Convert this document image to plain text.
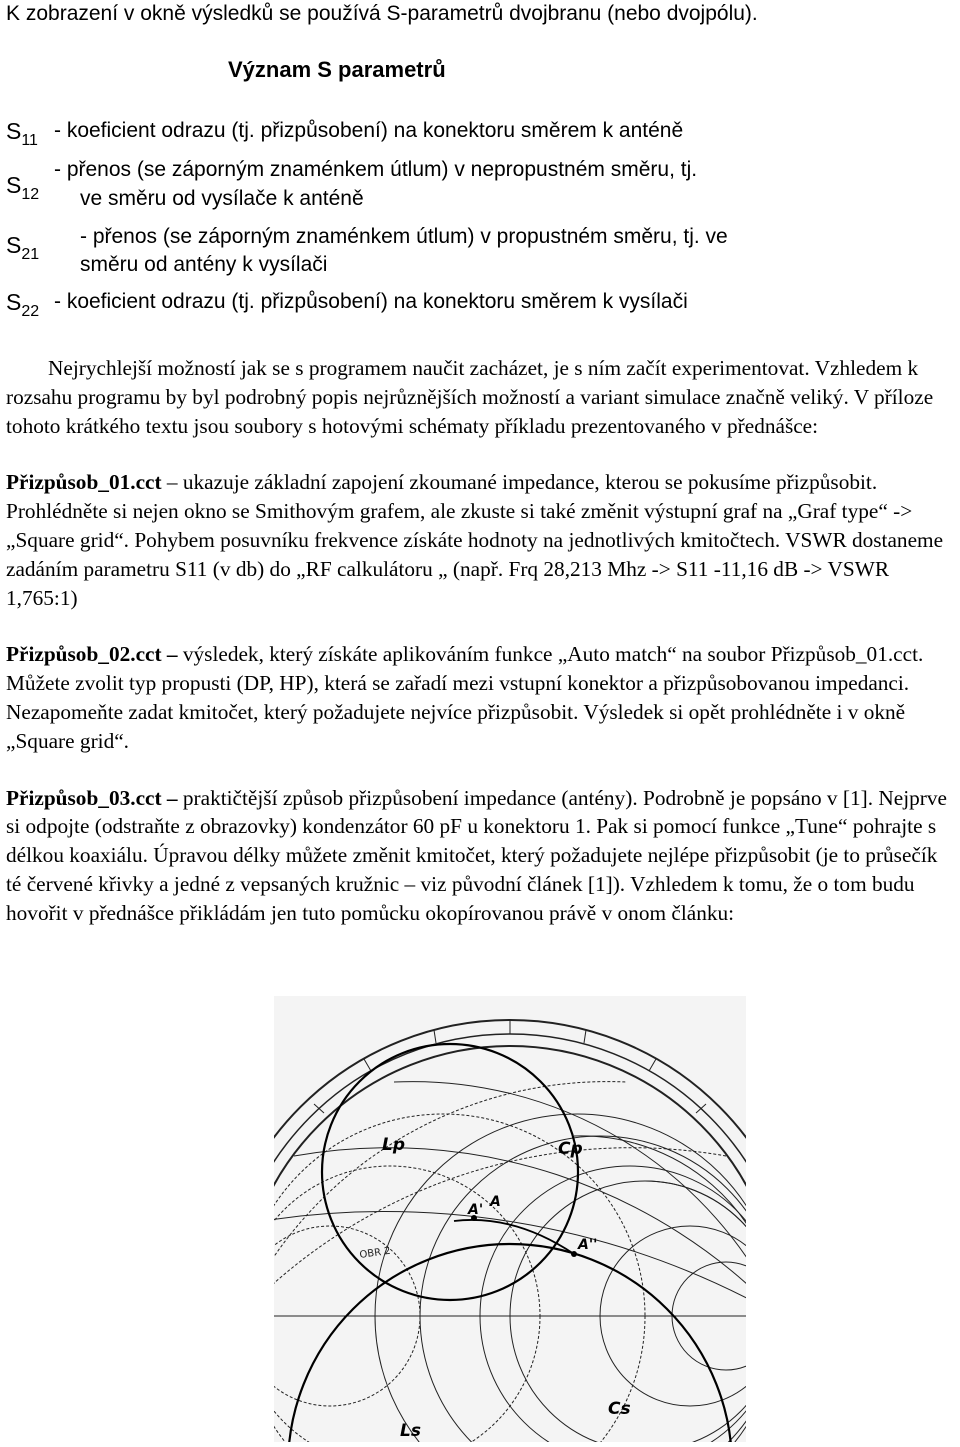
K zobrazení v okně výsledků se používá S-parametrů dvojbranu (nebo dvojpólu).
Význam S parametrů
$S_{11}$ - koeficient odrazu (tj. přizpůsobení) na konektoru směrem k anténě
$S_{12}$
- přenos (se záporným znaménkem útlum) v nepropustném směru, tj.
ve směru od vysílače k anténě
$S_{21}$
- přenos (se záporným znaménkem útlum) v propustném směru, tj. ve
směru od antény k vysílači
$S_{22}$ - koeficient odrazu (tj. přizpůsobení) na konektoru směrem k vysílači

Nejrychlejší možností jak se s programem naučit zacházet, je s ním začít experimentovat. Vzhledem k rozsahu programu by byl podrobný popis nejrůznějších možností a variant simulace značně veliký. V příloze tohoto krátkého textu jsou soubory s hotovými schématy příkladu prezentovaného v přednášce:

Přizpůsob_01.cct – ukazuje základní zapojení zkoumané impedance, kterou se pokusíme přizpůsobit. Prohlédněte si nejen okno se Smithovým grafem, ale zkuste si také změnit výstupní graf na „Graf type“ -> „Square grid“. Pohybem posuvníku frekvence získáte hodnoty na jednotlivých kmitočtech. VSWR dostaneme zadáním parametru S11 (v db) do „RF calkulátoru „ (např. Frq 28,213 Mhz -> S11 -11,16 dB -> VSWR 1,765:1)

Přizpůsob_02.cct – výsledek, který získáte aplikováním funkce „Auto match“ na soubor Přizpůsob_01.cct. Můžete zvolit typ propusti (DP, HP), která se zařadí mezi vstupní konektor a přizpůsobovanou impedanci. Nezapomeňte zadat kmitočet, který požadujete nejvíce přizpůsobit. Výsledek si opět prohlédněte i v okně „Square grid“.

Přizpůsob_03.cct – praktičtější způsob přizpůsobení impedance (antény). Podrobně je popsáno v [1]. Nejprve si odpojte (odstraňte z obrazovky) kondenzátor 60 pF u konektoru 1. Pak si pomocí funkce „Tune“ pohrajte s délkou koaxiálu. Úpravou délky můžete změnit kmitočet, který požadujete nejlépe přizpůsobit (je to průsečík té červené křivky a jedné z vepsaných kružnic – viz původní článek [1]). Vzhledem k tomu, že o tom budu hovořit v přednášce přikládám jen tuto pomůcku okopírovanou právě v onom článku:

Lp	Cp
A' A
A''
Cs
Ls
OBR 2
